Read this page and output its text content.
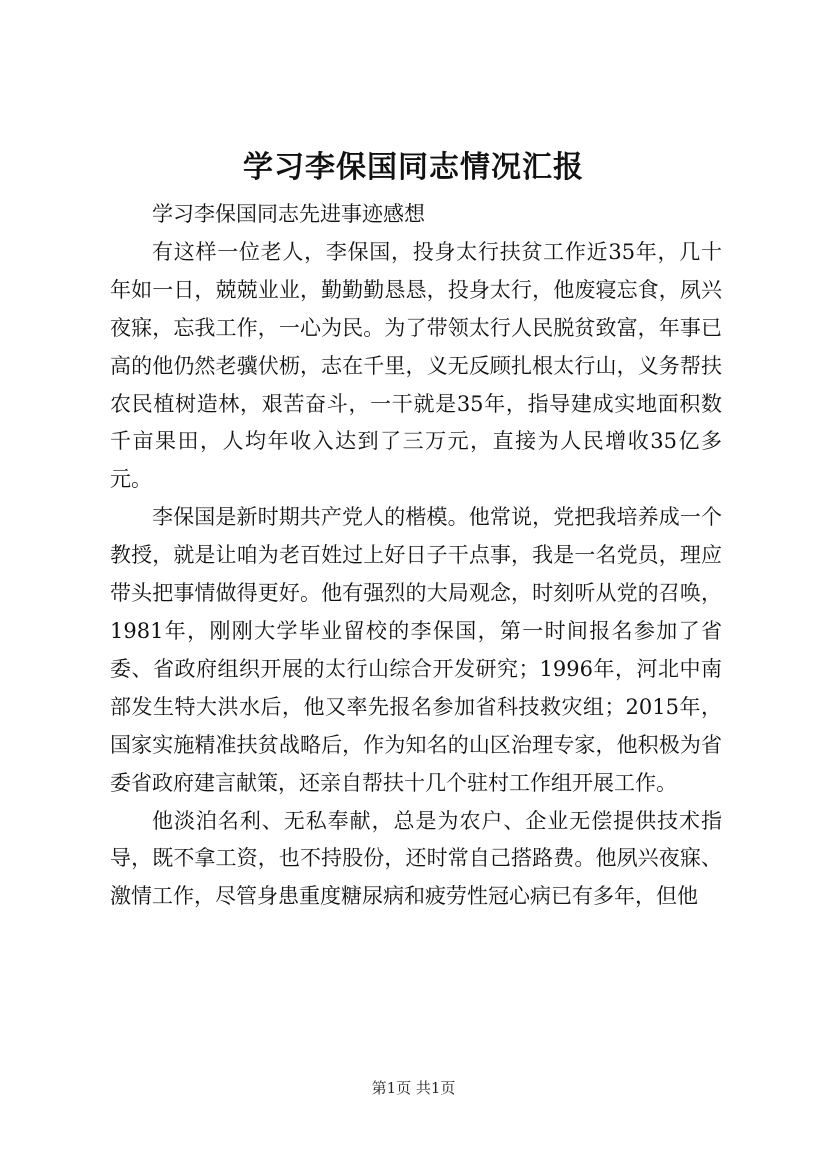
学习李保国同志情况汇报

学习李保国同志先进事迹感想

有这样一位老人，李保国，投身太行扶贫工作近35年，几十年如一日，兢兢业业，勤勤勤恳恳，投身太行，他废寝忘食，夙兴夜寐，忘我工作，一心为民。为了带领太行人民脱贫致富，年事已高的他仍然老骥伏枥，志在千里，义无反顾扎根太行山，义务帮扶农民植树造林，艰苦奋斗，一干就是35年，指导建成实地面积数千亩果田，人均年收入达到了三万元，直接为人民增收35亿多元。

李保国是新时期共产党人的楷模。他常说，党把我培养成一个教授，就是让咱为老百姓过上好日子干点事，我是一名党员，理应带头把事情做得更好。他有强烈的大局观念，时刻听从党的召唤，1981年，刚刚大学毕业留校的李保国，第一时间报名参加了省委、省政府组织开展的太行山综合开发研究；1996年，河北中南部发生特大洪水后，他又率先报名参加省科技救灾组；2015年，国家实施精准扶贫战略后，作为知名的山区治理专家，他积极为省委省政府建言献策，还亲自帮扶十几个驻村工作组开展工作。

他淡泊名利、无私奉献，总是为农户、企业无偿提供技术指导，既不拿工资，也不持股份，还时常自己搭路费。他夙兴夜寐、激情工作，尽管身患重度糖尿病和疲劳性冠心病已有多年，但他

第1页 共1页
